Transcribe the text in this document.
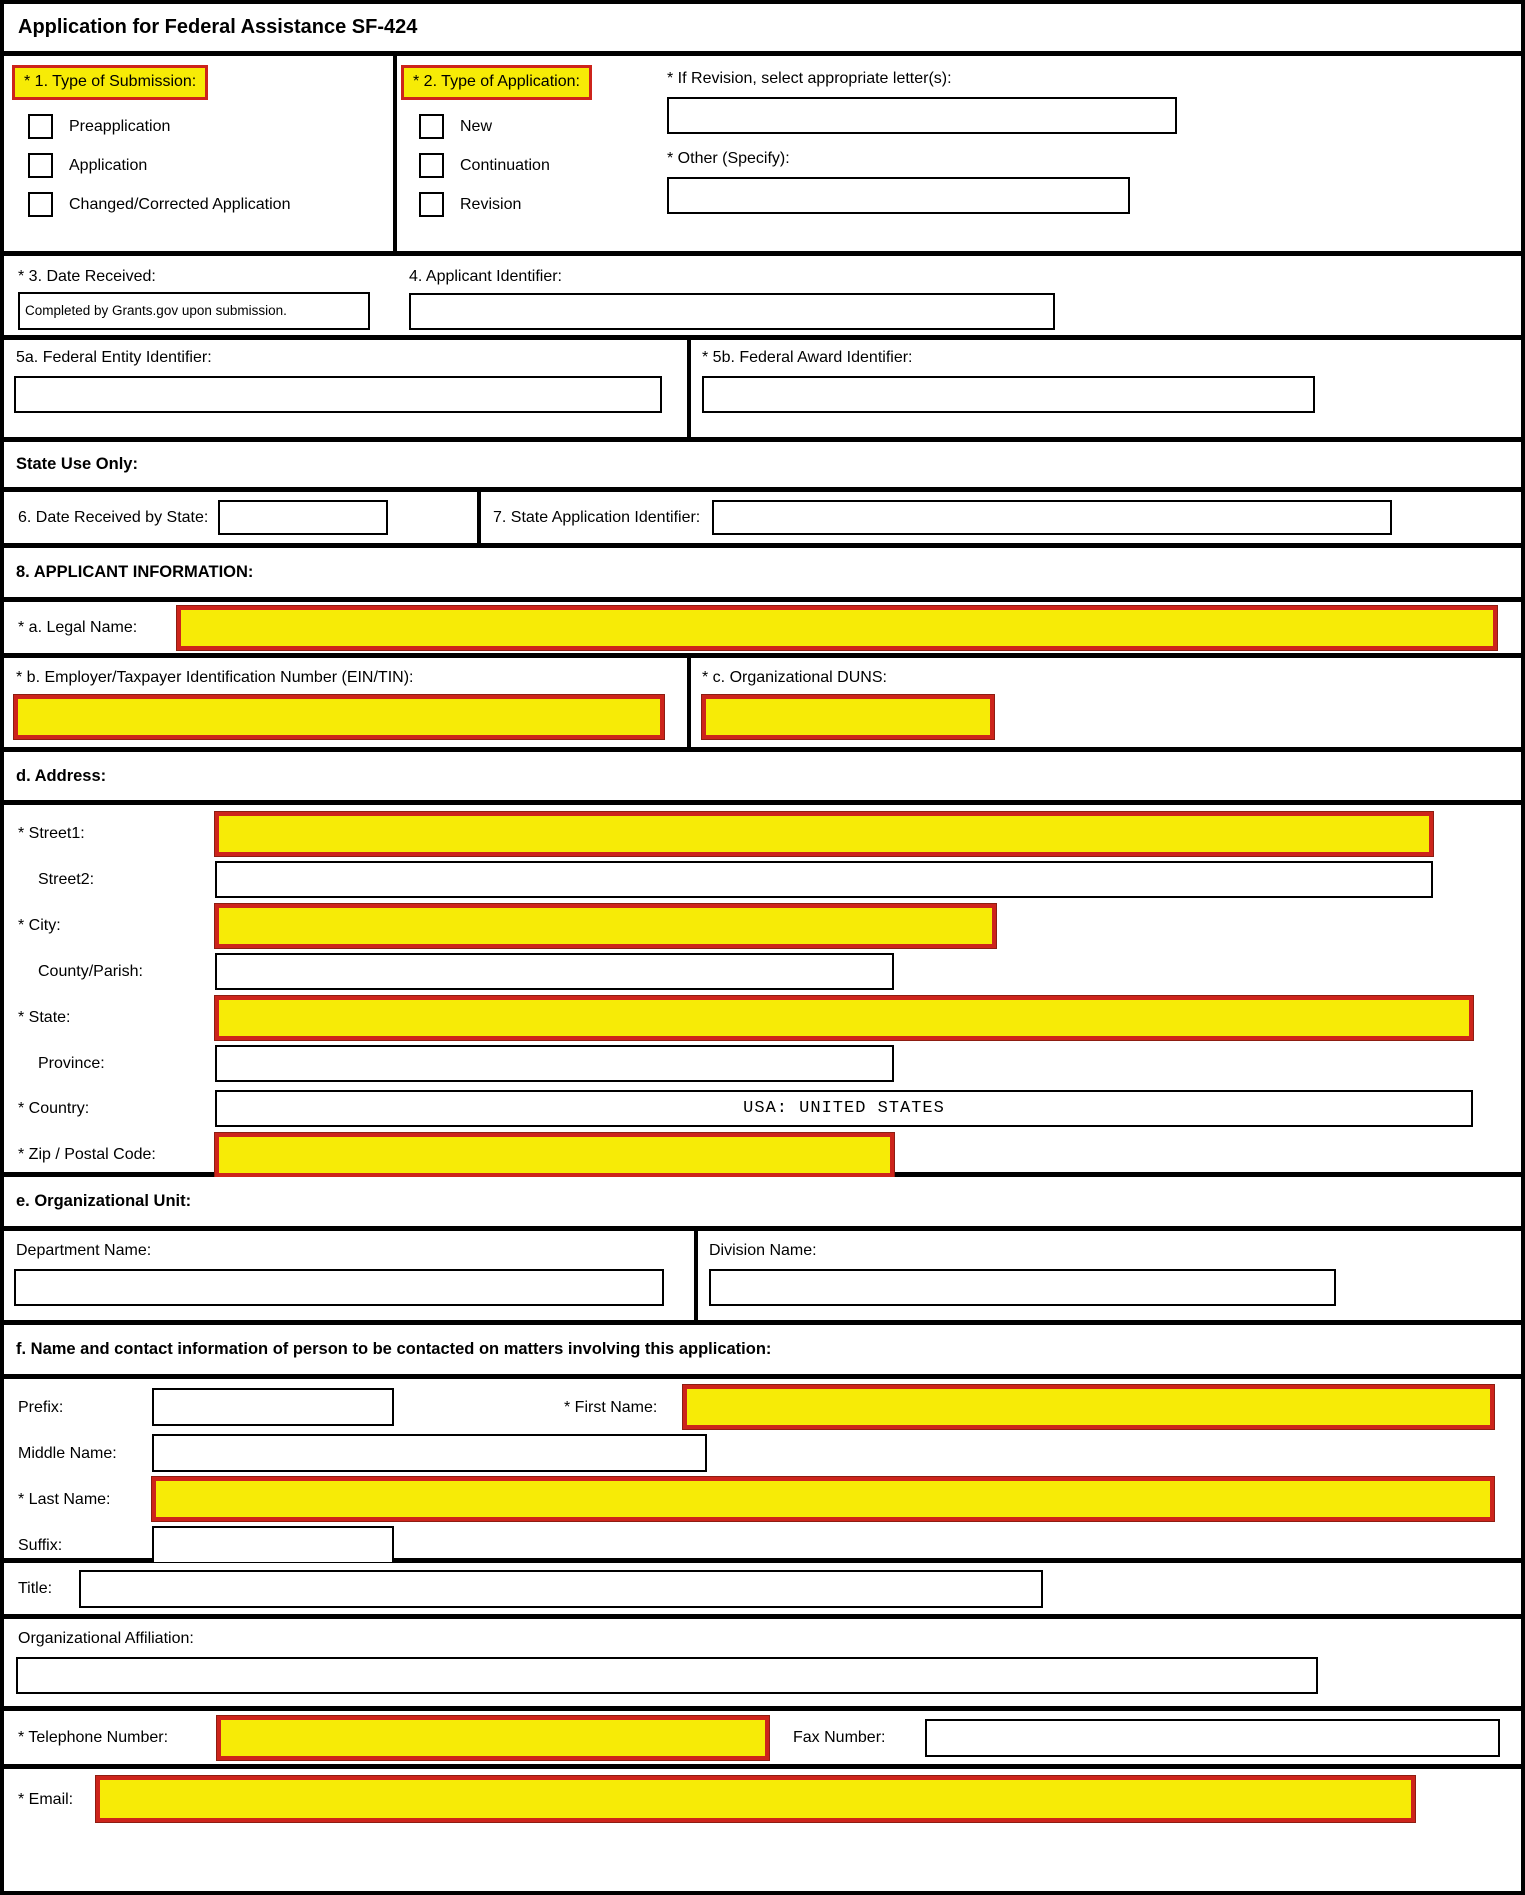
Application for Federal Assistance SF-424
* 1. Type of Submission:
Preapplication
Application
Changed/Corrected Application
* 2. Type of Application:
New
Continuation
Revision
* If Revision, select appropriate letter(s):
* Other (Specify):
* 3. Date Received:
Completed by Grants.gov upon submission.
4. Applicant Identifier:
5a. Federal Entity Identifier:	* 5b. Federal Award Identifier:
State Use Only:
6. Date Received by State:	7. State Application Identifier:
8. APPLICANT INFORMATION:
* a. Legal Name:
* b. Employer/Taxpayer Identification Number (EIN/TIN):	* c. Organizational DUNS:
d. Address:
* Street1:
Street2:
* City:
County/Parish:
* State:
Province:
* Country:
USA: UNITED STATES
* Zip / Postal Code:
e. Organizational Unit:
Department Name:	Division Name:
f. Name and contact information of person to be contacted on matters involving this application:
Prefix:	* First Name:
Middle Name:
* Last Name:
Suffix:
Title:
Organizational Affiliation:
* Telephone Number:	Fax Number:
* Email:
